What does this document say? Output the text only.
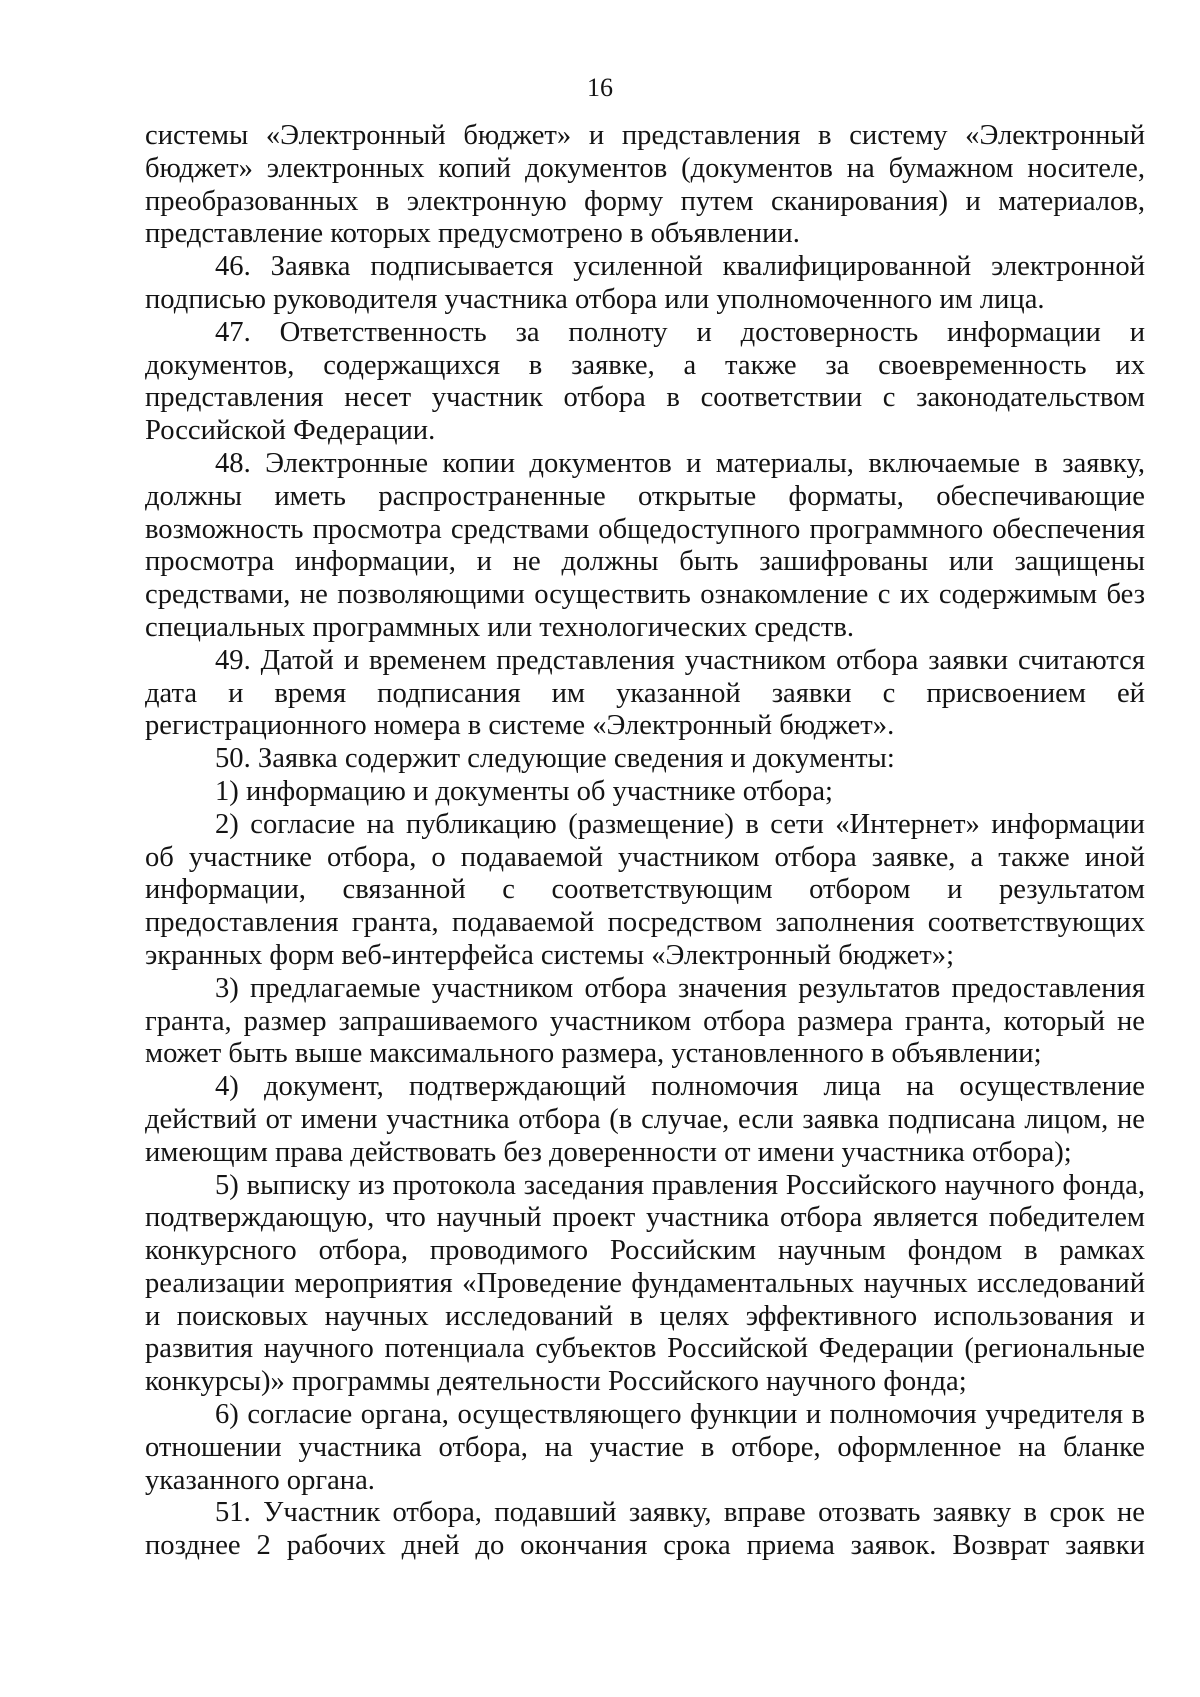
16

системы «Электронный бюджет» и представления в систему «Электронный бюджет» электронных копий документов (документов на бумажном носителе, преобразованных в электронную форму путем сканирования) и материалов, представление которых предусмотрено в объявлении.

46. Заявка подписывается усиленной квалифицированной электронной подписью руководителя участника отбора или уполномоченного им лица.

47. Ответственность за полноту и достоверность информации и документов, содержащихся в заявке, а также за своевременность их представления несет участник отбора в соответствии с законодательством Российской Федерации.

48. Электронные копии документов и материалы, включаемые в заявку, должны иметь распространенные открытые форматы, обеспечивающие возможность просмотра средствами общедоступного программного обеспечения просмотра информации, и не должны быть зашифрованы или защищены средствами, не позволяющими осуществить ознакомление с их содержимым без специальных программных или технологических средств.

49. Датой и временем представления участником отбора заявки считаются дата и время подписания им указанной заявки с присвоением ей регистрационного номера в системе «Электронный бюджет».

50. Заявка содержит следующие сведения и документы:

1) информацию и документы об участнике отбора;

2) согласие на публикацию (размещение) в сети «Интернет» информации об участнике отбора, о подаваемой участником отбора заявке, а также иной информации, связанной с соответствующим отбором и результатом предоставления гранта, подаваемой посредством заполнения соответствующих экранных форм веб-интерфейса системы «Электронный бюджет»;

3) предлагаемые участником отбора значения результатов предоставления гранта, размер запрашиваемого участником отбора размера гранта, который не может быть выше максимального размера, установленного в объявлении;

4) документ, подтверждающий полномочия лица на осуществление действий от имени участника отбора (в случае, если заявка подписана лицом, не имеющим права действовать без доверенности от имени участника отбора);

5) выписку из протокола заседания правления Российского научного фонда, подтверждающую, что научный проект участника отбора является победителем конкурсного отбора, проводимого Российским научным фондом в рамках реализации мероприятия «Проведение фундаментальных научных исследований и поисковых научных исследований в целях эффективного использования и развития научного потенциала субъектов Российской Федерации (региональные конкурсы)» программы деятельности Российского научного фонда;

6) согласие органа, осуществляющего функции и полномочия учредителя в отношении участника отбора, на участие в отборе, оформленное на бланке указанного органа.

51. Участник отбора, подавший заявку, вправе отозвать заявку в срок не позднее 2 рабочих дней до окончания срока приема заявок. Возврат заявки
